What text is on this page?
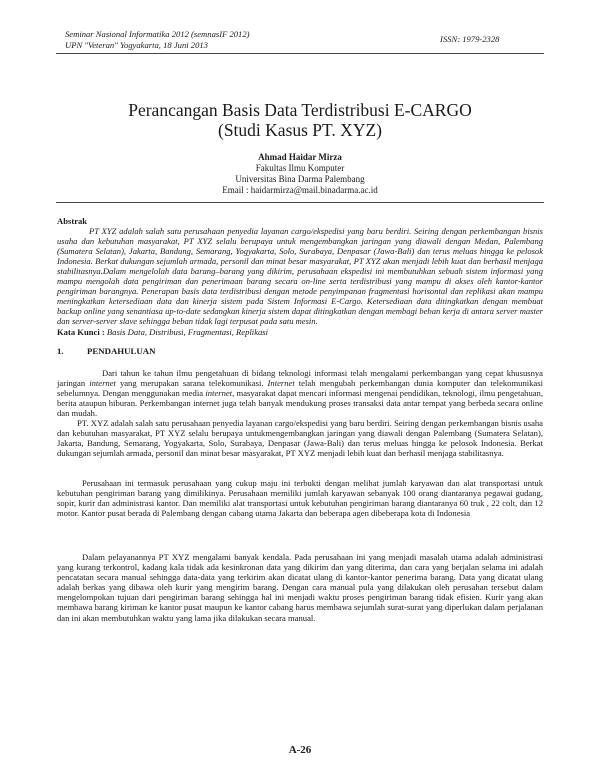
Seminar Nasional Informatika 2012 (semnasIF 2012)
UPN "Veteran" Yogyakarta, 18 Juni 2013
ISSN: 1979-2328
Perancangan Basis Data Terdistribusi E-CARGO
(Studi Kasus PT. XYZ)
Ahmad Haidar Mirza
Fakultas Ilmu Komputer
Universitas Bina Darma Palembang
Email : haidarmirza@mail.binadarma.ac.id
Abstrak

PT XYZ adalah salah satu perusahaan penyedia layanan cargo/ekspedisi yang baru berdiri. Seiring dengan perkembangan bisnis usaha dan kebutuhan masyarakat, PT XYZ selalu berupaya untuk mengembangkan jaringan yang diawali dengan Medan, Palembang (Sumatera Selatan), Jakarta, Bandung, Semarang, Yogyakarta, Solo, Surabaya, Denpasar (Jawa-Bali) dan terus meluas hingga ke pelosok Indonesia. Berkat dukungan sejumlah armada, personil dan minat besar masyarakat, PT XYZ akan menjadi lebih kuat dan berhasil menjaga stabilitasnya.Dalam mengelolah data barang–barang yang dikirim, perusahaan ekspedisi ini membutuhkan sebuah sistem informasi yang mampu mengolah data pengiriman dan penerimaan barang secara on-line serta terdistribusi yang mampu di akses oleh kantor-kantor pengiriman barangnya. Penerapan basis data terdistribusi dengan metode penyimpanan fragmentasi horisontal dan replikasi akan mampu meningkatkan ketersediaan data dan kinerja sistem pada Sistem Informasi E-Cargo. Ketersediaan data ditingkatkan dengan membuat backup online yang senantiasa up-to-date sedangkan kinerja sistem dapat ditingkatkan dengan membagi beban kerja di antara server master dan server-server slave sehingga beban tidak lagi terpusat pada satu mesin.

Kata Kunci : Basis Data, Distribusi, Fragmentasi, Replikasi
1.	PENDAHULUAN

Dari tahun ke tahun ilmu pengetahuan di bidang teknologi informasi telah mengalami perkembangan yang cepat khususnya jaringan internet yang merupakan sarana telekomunikasi. Internet telah mengubah perkembangan dunia komputer dan telekomunikasi sebelumnya. Dengan menggunakan media internet, masyarakat dapat mencari informasi mengenai pendidikan, teknologi, ilmu pengetahuan, berita ataupun hiburan. Perkembangan internet juga telah banyak mendukung proses transaksi data antar tempat yang berbeda secara online dan mudah.

PT. XYZ adalah salah satu perusahaan penyedia layanan cargo/ekspedisi yang baru berdiri. Seiring dengan perkembangan bisnis usaha dan kebutuhan masyarakat, PT XYZ selalu berupaya untukmengembangkan jaringan yang diawali dengan Palembang (Sumatera Selatan), Jakarta, Bandung, Semarang, Yogyakarta, Solo, Surabaya, Denpasar (Jawa-Bali) dan terus meluas hingga ke pelosok Indonesia. Berkat dukungan sejumlah armada, personil dan minat besar masyarakat, PT XYZ menjadi lebih kuat dan berhasil menjaga stabilitasnya.

Perusahaan ini termasuk perusahaan yang cukup maju ini terbukti dengan melihat jumlah karyawan dan alat transportasi untuk kebutuhan pengiriman barang yang dimilikinya. Perusahaan memiliki jumlah karyawan sebanyak 100 orang diantaranya pegawai gudang, sopir, kurir dan administrasi kantor. Dan memiliki alat transportasi untuk kebutuhan pengiriman barang diantaranya 60 truk , 22 colt, dan 12 motor. Kantor pusat berada di Palembang dengan cabang utama Jakarta dan beberapa agen dibeberapa kota di Indonesia

Dalam pelayanannya PT XYZ mengalami banyak kendala. Pada perusahaan ini yang menjadi masalah utama adalah administrasi yang kurang terkontrol, kadang kala tidak ada kesinkronan data yang dikirim dan yang diterima, dan cara yang berjalan selama ini adalah pencatatan secara manual sehingga data-data yang terkirim akan dicatat ulang di kantor-kantor penerima barang. Data yang dicatat ulang adalah berkas yang dibawa oleh kurir yang mengirim barang. Dengan cara manual pula yang dilakukan oleh perusahan tersebut dalam mengelompokan tujuan dari pengiriman barang sehingga hal ini menjadi waktu proses pengiriman barang tidak efisien. Kurir yang akan membawa barang kiriman ke kantor pusat maupun ke kantor cabang harus membawa sejumlah surat-surat yang diperlukan dalam perjalanan dan ini akan membutuhkan waktu yang lama jika dilakukan secara manual.

A-26
